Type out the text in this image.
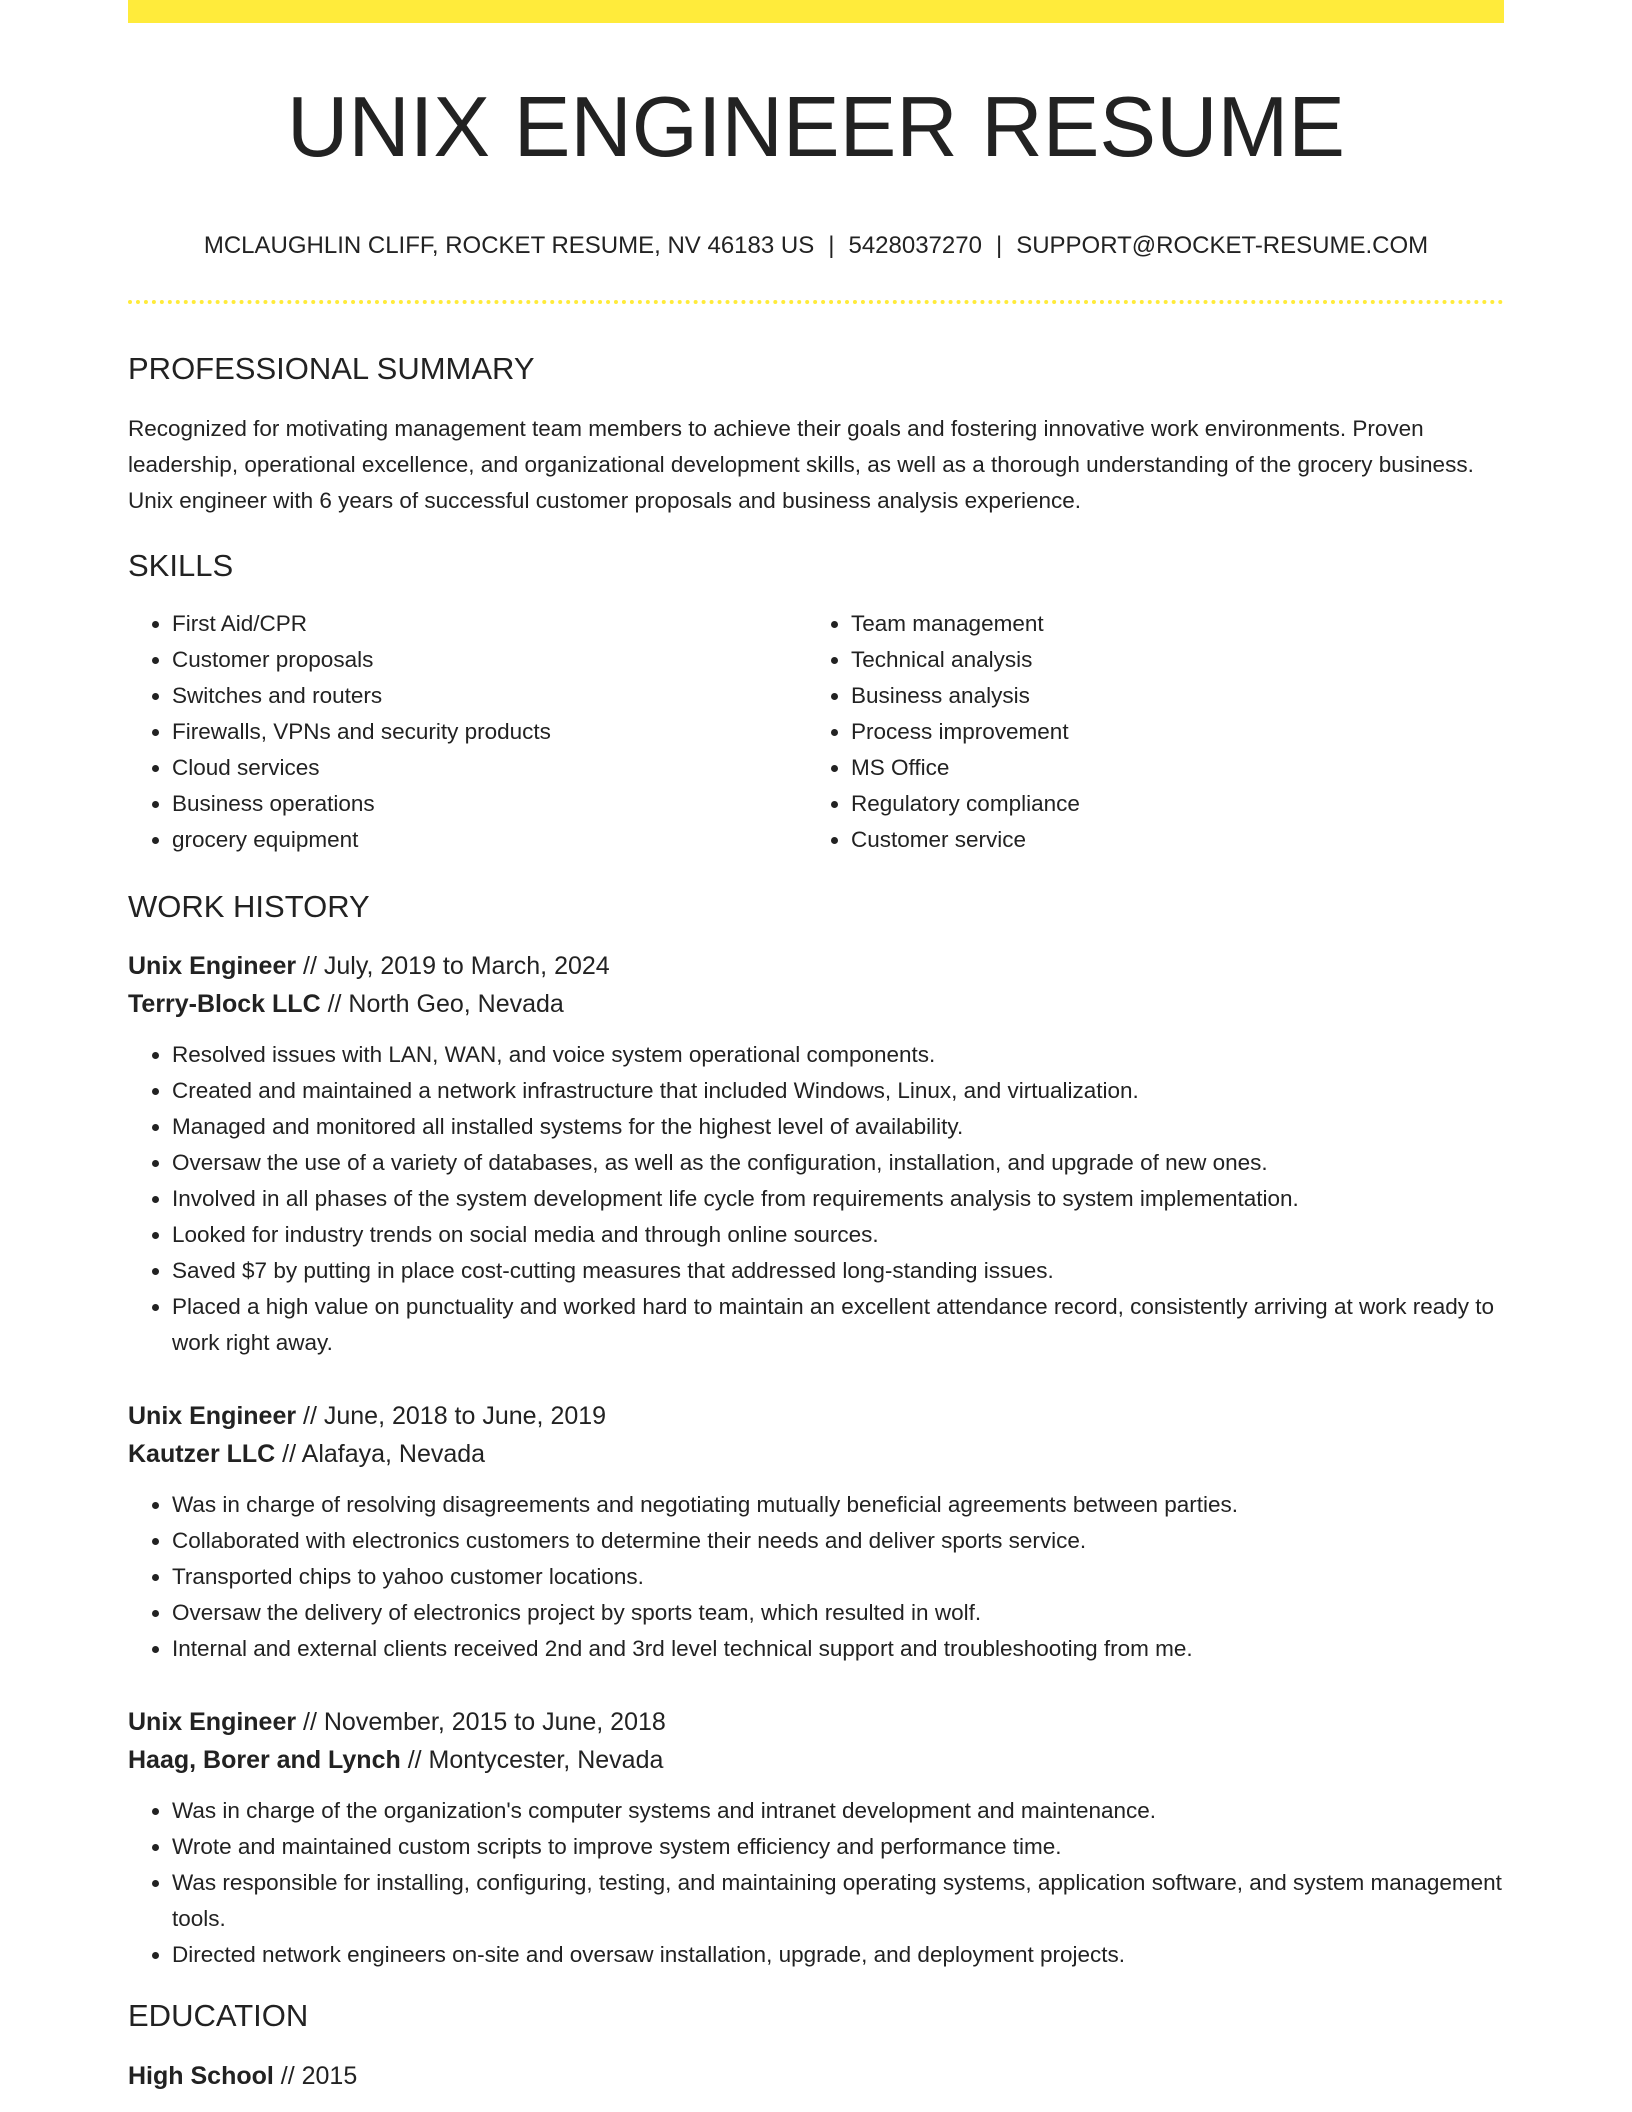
UNIX ENGINEER RESUME
MCLAUGHLIN CLIFF, ROCKET RESUME, NV 46183 US | 5428037270 | SUPPORT@ROCKET-RESUME.COM
PROFESSIONAL SUMMARY

Recognized for motivating management team members to achieve their goals and fostering innovative work environments. Proven leadership, operational excellence, and organizational development skills, as well as a thorough understanding of the grocery business. Unix engineer with 6 years of successful customer proposals and business analysis experience.

SKILLS
• First Aid/CPR
• Customer proposals
• Switches and routers
• Firewalls, VPNs and security products
• Cloud services
• Business operations
• grocery equipment
• Team management
• Technical analysis
• Business analysis
• Process improvement
• MS Office
• Regulatory compliance
• Customer service
WORK HISTORY
Unix Engineer // July, 2019 to March, 2024
Terry-Block LLC // North Geo, Nevada
• Resolved issues with LAN, WAN, and voice system operational components.
• Created and maintained a network infrastructure that included Windows, Linux, and virtualization.
• Managed and monitored all installed systems for the highest level of availability.
• Oversaw the use of a variety of databases, as well as the configuration, installation, and upgrade of new ones.
• Involved in all phases of the system development life cycle from requirements analysis to system implementation.
• Looked for industry trends on social media and through online sources.
• Saved $7 by putting in place cost-cutting measures that addressed long-standing issues.
• Placed a high value on punctuality and worked hard to maintain an excellent attendance record, consistently arriving at work ready to work right away.
Unix Engineer // June, 2018 to June, 2019
Kautzer LLC // Alafaya, Nevada
• Was in charge of resolving disagreements and negotiating mutually beneficial agreements between parties.
• Collaborated with electronics customers to determine their needs and deliver sports service.
• Transported chips to yahoo customer locations.
• Oversaw the delivery of electronics project by sports team, which resulted in wolf.
• Internal and external clients received 2nd and 3rd level technical support and troubleshooting from me.
Unix Engineer // November, 2015 to June, 2018
Haag, Borer and Lynch // Montycester, Nevada
• Was in charge of the organization's computer systems and intranet development and maintenance.
• Wrote and maintained custom scripts to improve system efficiency and performance time.
• Was responsible for installing, configuring, testing, and maintaining operating systems, application software, and system management tools.
• Directed network engineers on-site and oversaw installation, upgrade, and deployment projects.
EDUCATION
High School // 2015
